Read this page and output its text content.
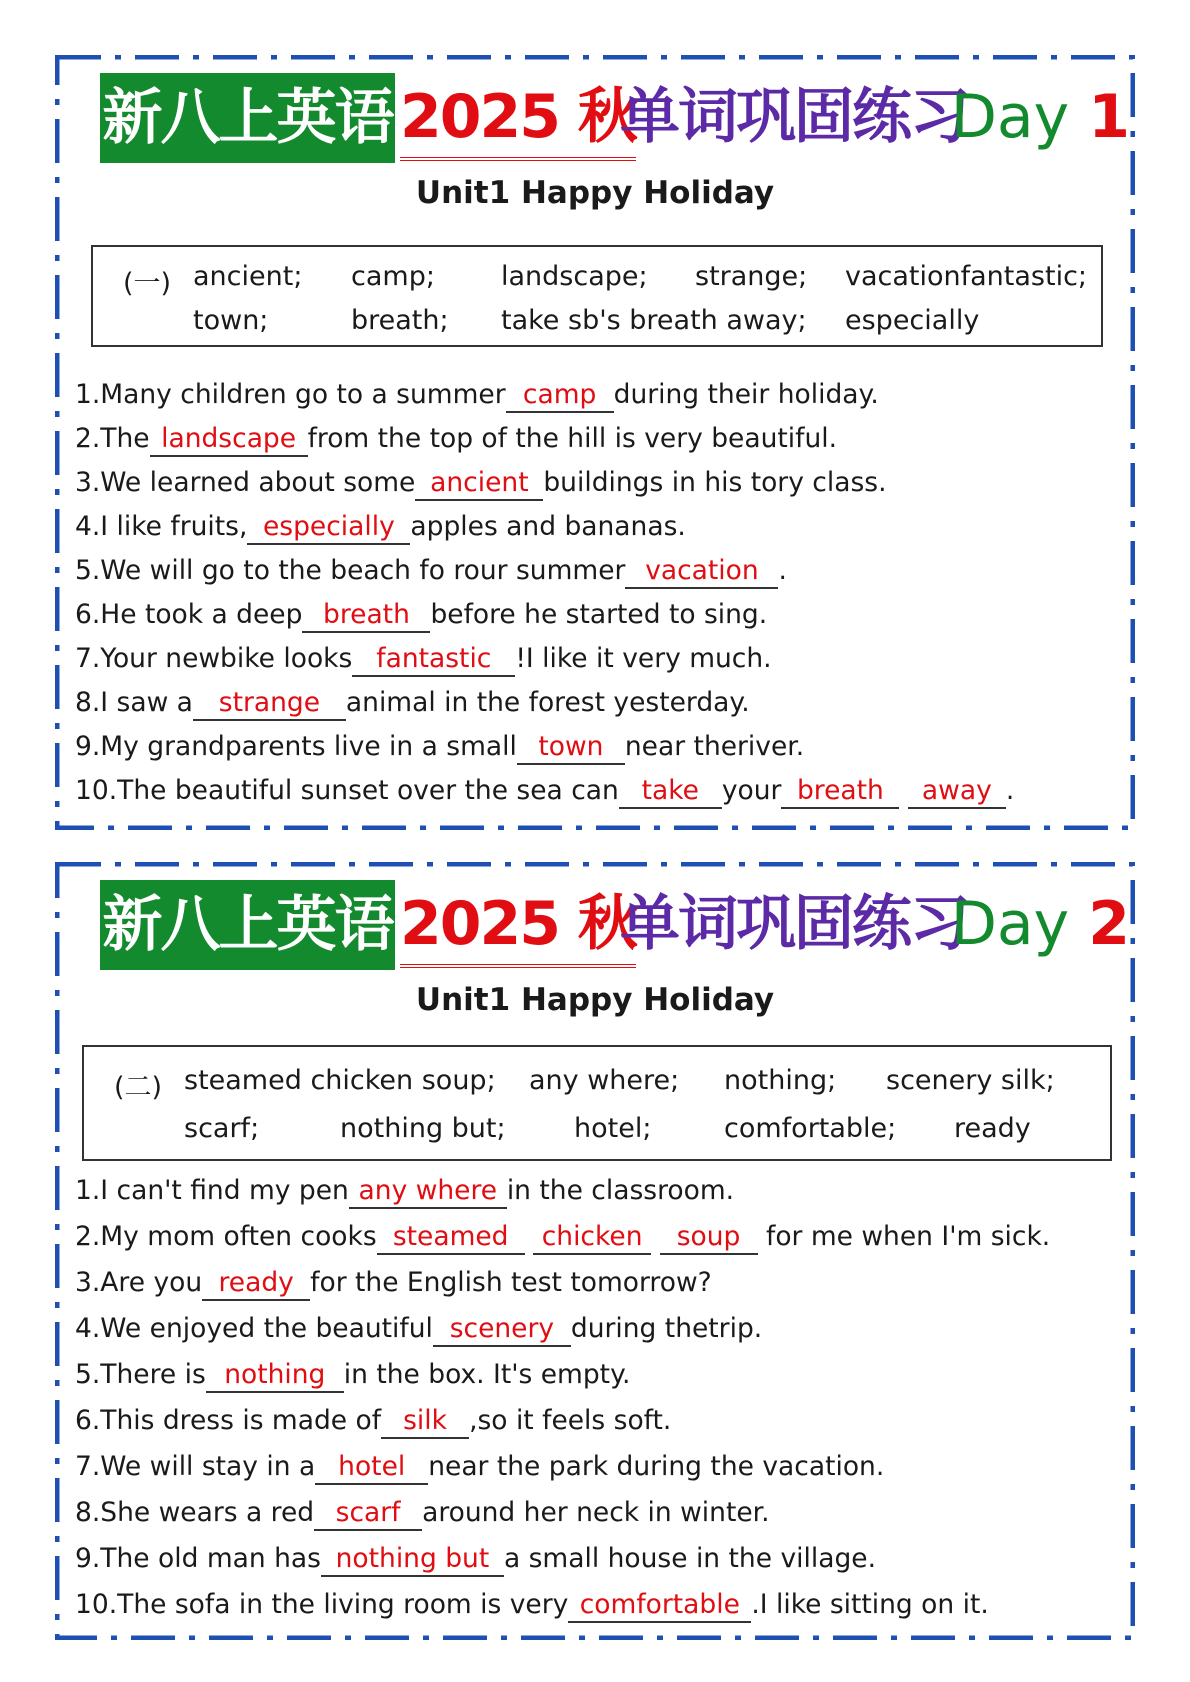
新八上英语 2025 秋
单词巩固练习
Day 1
Unit1 Happy Holiday
(一) ancient; camp; landscape; strange; vacationfantastic;
town;	breath; take sb's breath away; especially
1.Many children go to a summer camp during their holiday.
2.The landscape from the top of the hill is very beautiful.
3.We learned about some ancient buildings in his tory class.
4.I like fruits, especially apples and bananas.
5.We will go to the beach fo rour summer vacation .
6.He took a deep breath before he started to sing.
7.Your newbike looks fantastic !I like it very much.
8.I saw a strange animal in the forest yesterday.
9.My grandparents live in a small town near theriver.
10.The beautiful sunset over the sea can take your breath away .
新八上英语 2025 秋
单词巩固练习
Day 2
Unit1 Happy Holiday
(二) steamed chicken soup; any where; nothing; scenery silk;
scarf;	nothing but;	hotel;	comfortable; ready
1.I can't find my pen any where in the classroom.
2.My mom often cooks steamed chicken soup for me when I'm sick.
3.Are you ready for the English test tomorrow?
4.We enjoyed the beautiful scenery during thetrip.
5.There is nothing in the box. It's empty.
6.This dress is made of silk ,so it feels soft.
7.We will stay in a hotel near the park during the vacation.
8.She wears a red scarf around her neck in winter.
9.The old man has nothing but a small house in the village.
10.The sofa in the living room is very comfortable .I like sitting on it.
